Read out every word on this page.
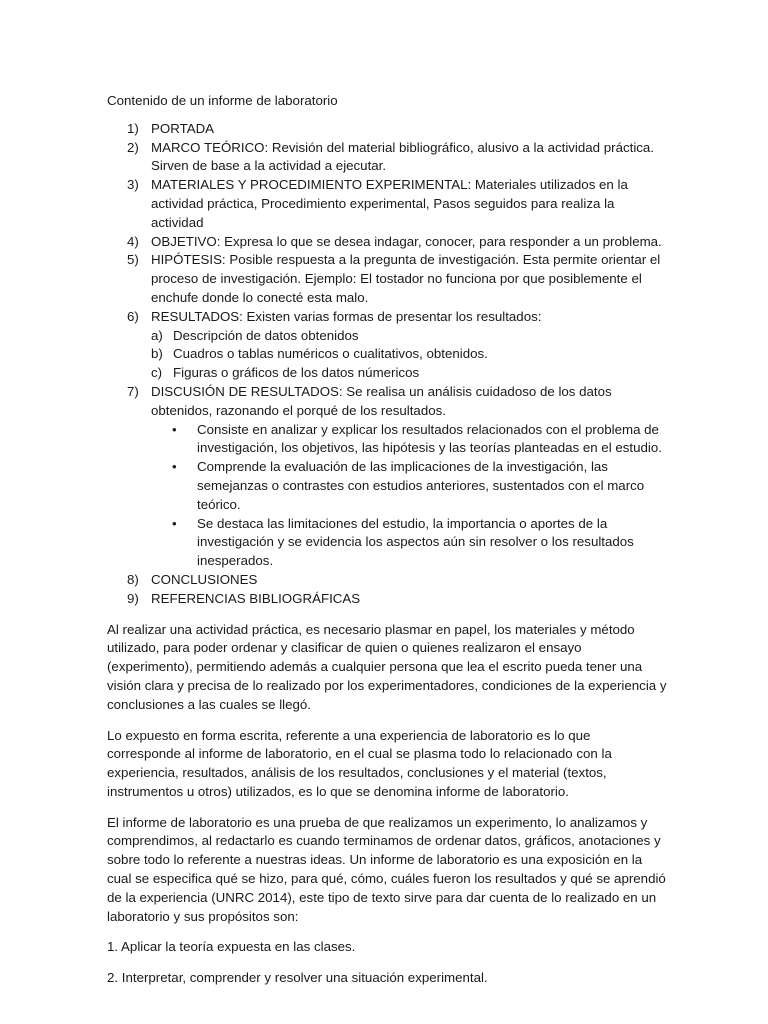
Contenido de un informe de laboratorio
1) PORTADA
2) MARCO TEÓRICO: Revisión del material bibliográfico, alusivo a la actividad práctica. Sirven de base a la actividad a ejecutar.
3) MATERIALES Y PROCEDIMIENTO EXPERIMENTAL: Materiales utilizados en la actividad práctica, Procedimiento experimental, Pasos seguidos para realiza la actividad
4) OBJETIVO: Expresa lo que se desea indagar, conocer, para responder a un problema.
5) HIPÓTESIS: Posible respuesta a la pregunta de investigación. Esta permite orientar el proceso de investigación. Ejemplo: El tostador no funciona por que posiblemente el enchufe donde lo conecté esta malo.
6) RESULTADOS: Existen varias formas de presentar los resultados:
a) Descripción de datos obtenidos
b) Cuadros o tablas numéricos o cualitativos, obtenidos.
c) Figuras o gráficos de los datos númericos
7) DISCUSIÓN DE RESULTADOS: Se realisa un análisis cuidadoso de los datos obtenidos, razonando el porqué de los resultados.
• Consiste en analizar y explicar los resultados relacionados con el problema de investigación, los objetivos, las hipótesis y las teorías planteadas en el estudio.
• Comprende la evaluación de las implicaciones de la investigación, las semejanzas o contrastes con estudios anteriores, sustentados con el marco teórico.
• Se destaca las limitaciones del estudio, la importancia o aportes de la investigación y se evidencia los aspectos aún sin resolver o los resultados inesperados.
8) CONCLUSIONES
9) REFERENCIAS BIBLIOGRÁFICAS

Al realizar una actividad práctica, es necesario plasmar en papel, los materiales y método utilizado, para poder ordenar y clasificar de quien o quienes realizaron el ensayo (experimento), permitiendo además a cualquier persona que lea el escrito pueda tener una visión clara y precisa de lo realizado por los experimentadores, condiciones de la experiencia y conclusiones a las cuales se llegó.

Lo expuesto en forma escrita, referente a una experiencia de laboratorio es lo que corresponde al informe de laboratorio, en el cual se plasma todo lo relacionado con la experiencia, resultados, análisis de los resultados, conclusiones y el material (textos, instrumentos u otros) utilizados, es lo que se denomina informe de laboratorio.

El informe de laboratorio es una prueba de que realizamos un experimento, lo analizamos y comprendimos, al redactarlo es cuando terminamos de ordenar datos, gráficos, anotaciones y sobre todo lo referente a nuestras ideas. Un informe de laboratorio es una exposición en la cual se especifica qué se hizo, para qué, cómo, cuáles fueron los resultados y qué se aprendió de la experiencia (UNRC 2014), este tipo de texto sirve para dar cuenta de lo realizado en un laboratorio y sus propósitos son:

1. Aplicar la teoría expuesta en las clases.

2. Interpretar, comprender y resolver una situación experimental.
